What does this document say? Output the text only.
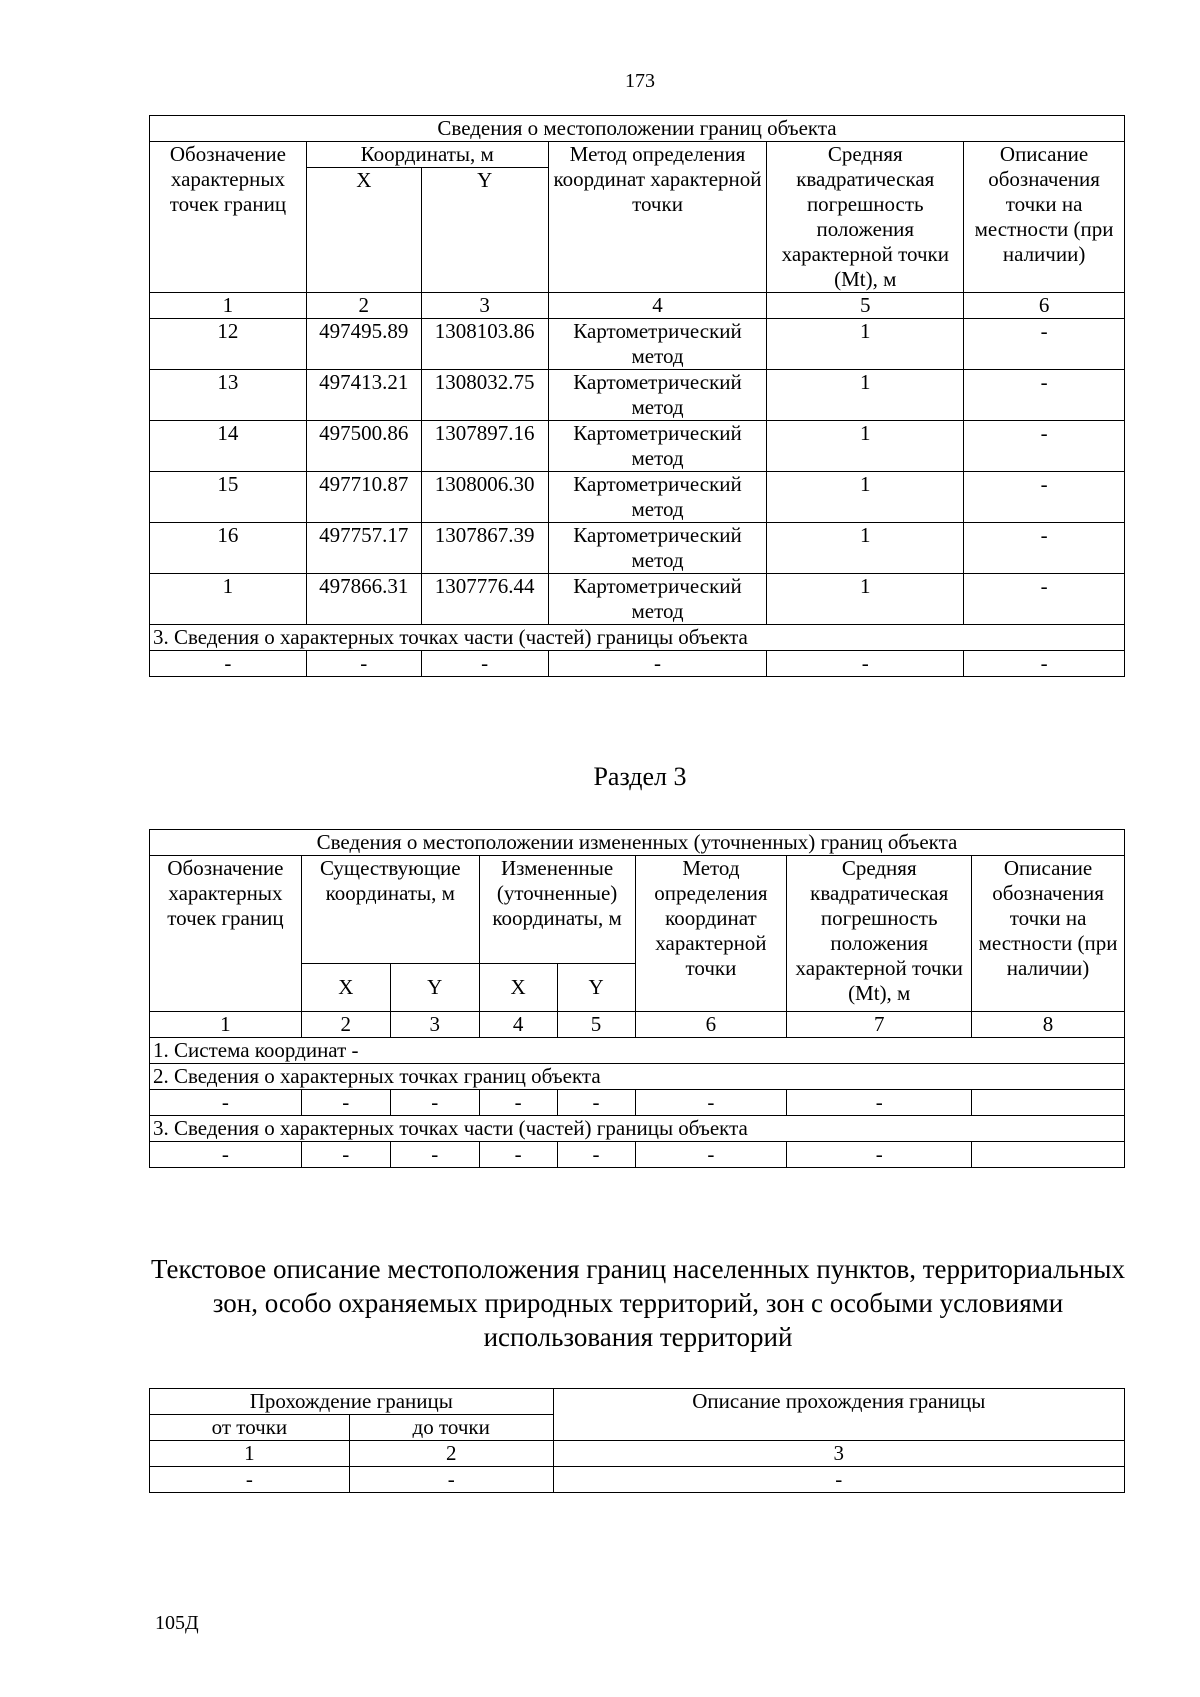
173
Сведения о местоположении границ объекта					
Обозначение характерных точек границ	Координаты, м		Метод определения координат характерной точки	Средняя квадратическая погрешность положения характерной точки (Mt), м	Описание обозначения точки на местности (при наличии)
	X	Y			
1	2	3	4	5	6
12	497495.89	1308103.86	Картометрический метод	1	-
13	497413.21	1308032.75	Картометрический метод	1	-
14	497500.86	1307897.16	Картометрический метод	1	-
15	497710.87	1308006.30	Картометрический метод	1	-
16	497757.17	1307867.39	Картометрический метод	1	-
1	497866.31	1307776.44	Картометрический метод	1	-
3. Сведения о характерных точках части (частей) границы объекта					
-	-	-	-	-	-
Раздел 3
Сведения о местоположении измененных (уточненных) границ объекта							
Обозначение характерных точек границ	Существующие координаты, м		Измененные (уточненные) координаты, м		Метод определения координат характерной точки	Средняя квадратическая погрешность положения характерной точки (Mt), м	Описание обозначения точки на местности (при наличии)
	X	Y	X	Y			
1	2	3	4	5	6	7	8
1. Система координат -							
2. Сведения о характерных точках границ объекта							
-	-	-	-	-	-	-	
3. Сведения о характерных точках части (частей) границы объекта							
-	-	-	-	-	-	-	
Текстовое описание местоположения границ населенных пунктов, территориальных зон, особо охраняемых природных территорий, зон с особыми условиями использования территорий
Прохождение границы		Описание прохождения границы
от точки	до точки	
1	2	3
-	-	-
105Д
